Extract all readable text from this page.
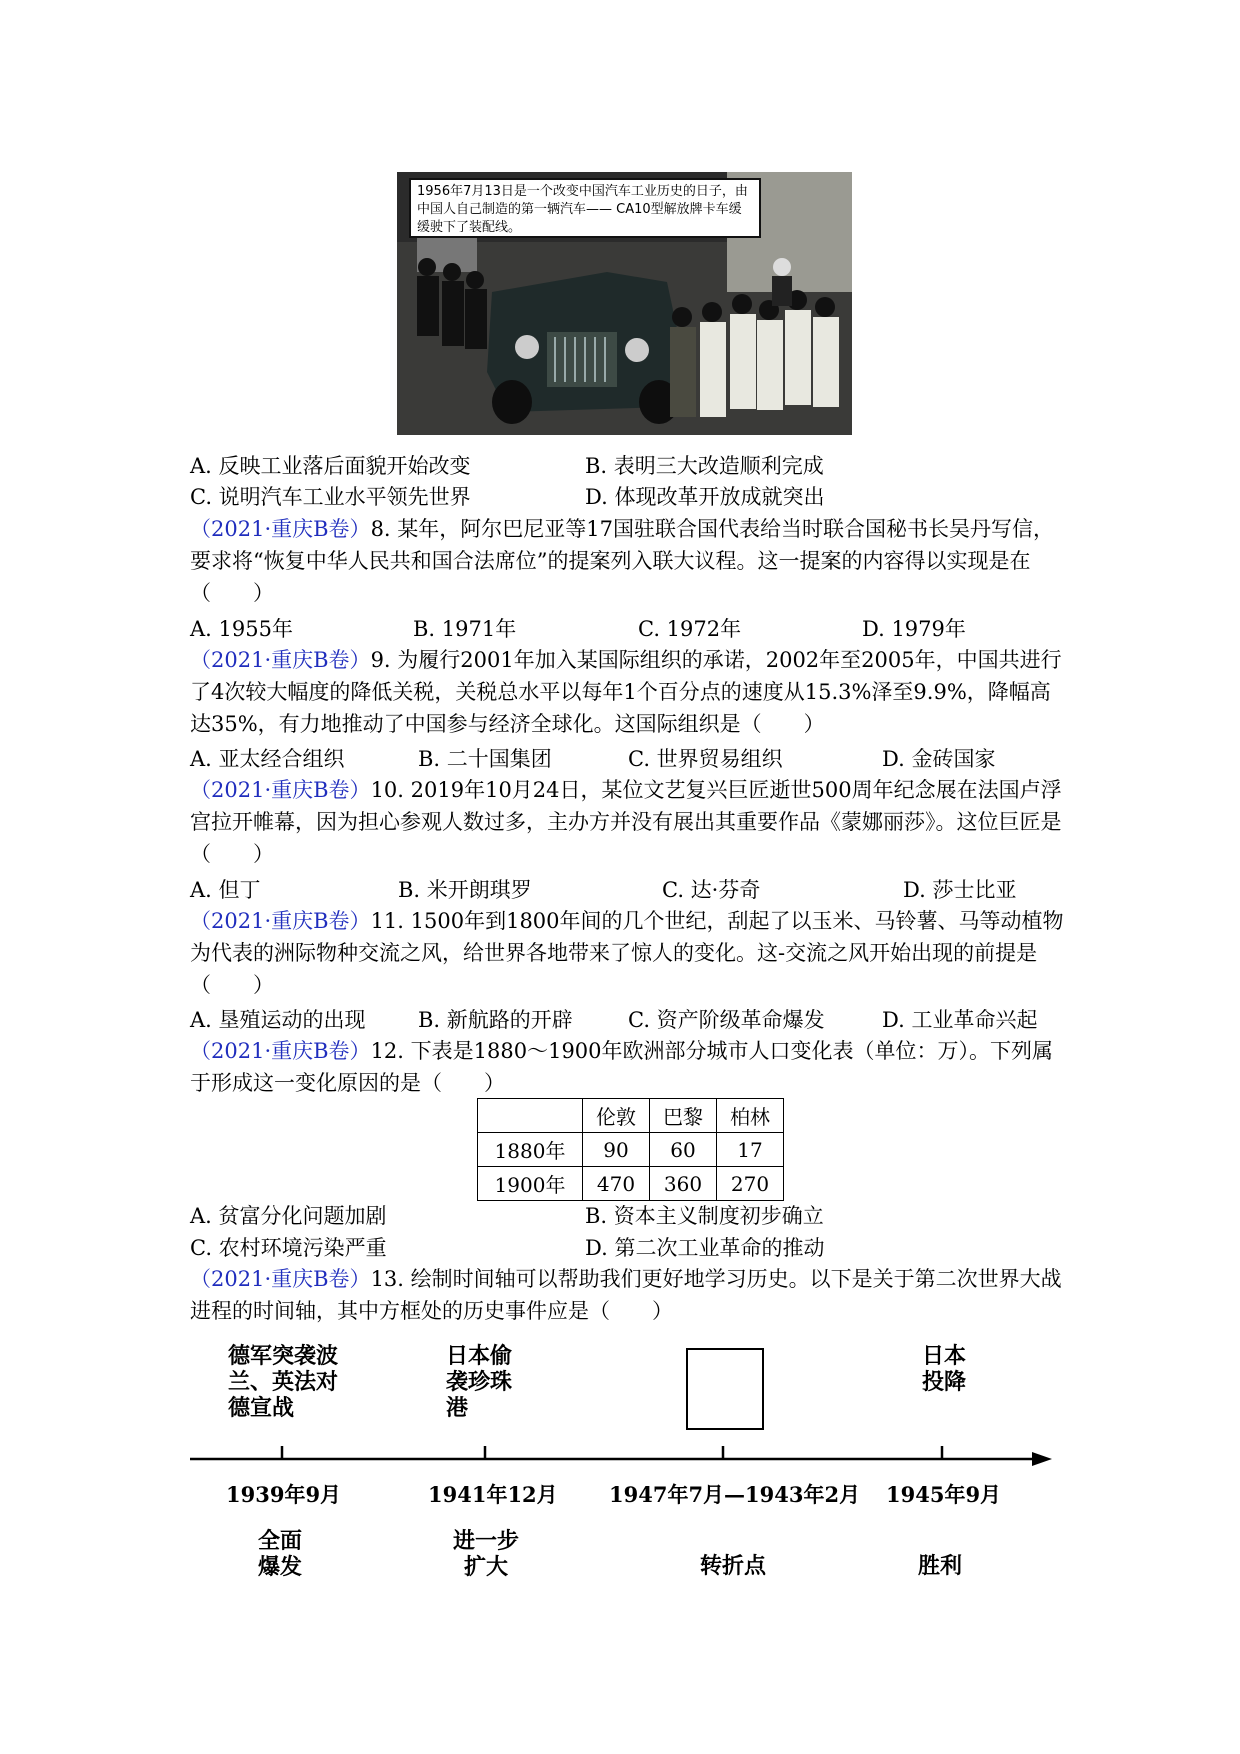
1956年7月13日是一个改变中国汽车工业历史的日子，由中国人自己制造的第一辆汽车—— CA10型解放牌卡车缓缓驶下了装配线。
A. 反映工业落后面貌开始改变	B. 表明三大改造顺利完成
C. 说明汽车工业水平领先世界	D. 体现改革开放成就突出
（2021·重庆B卷）8. 某年，阿尔巴尼亚等17国驻联合国代表给当时联合国秘书长吴丹写信，要求将“恢复中华人民共和国合法席位”的提案列入联大议程。这一提案的内容得以实现是在（　　）
A. 1955年	B. 1971年	C. 1972年	D. 1979年
（2021·重庆B卷）9. 为履行2001年加入某国际组织的承诺，2002年至2005年，中国共进行了4次较大幅度的降低关税，关税总水平以每年1个百分点的速度从15.3%泽至9.9%，降幅高达35%，有力地推动了中国参与经济全球化。这国际组织是（　　）
A. 亚太经合组织	B. 二十国集团	C. 世界贸易组织	D. 金砖国家
（2021·重庆B卷）10. 2019年10月24日，某位文艺复兴巨匠逝世500周年纪念展在法国卢浮宫拉开帷幕，因为担心参观人数过多，主办方并没有展出其重要作品《蒙娜丽莎》。这位巨匠是（　　）
A. 但丁	B. 米开朗琪罗	C. 达·芬奇	D. 莎士比亚
（2021·重庆B卷）11. 1500年到1800年间的几个世纪，刮起了以玉米、马铃薯、马等动植物为代表的洲际物种交流之风，给世界各地带来了惊人的变化。这-交流之风开始出现的前提是（　　）
A. 垦殖运动的出现 B. 新航路的开辟	C. 资产阶级革命爆发	D. 工业革命兴起
（2021·重庆B卷）12. 下表是1880～1900年欧洲部分城市人口变化表（单位：万）。下列属于形成这一变化原因的是（　　）
	伦敦	巴黎	柏林
1880年	90	60	17
1900年	470	360	270
A. 贫富分化问题加剧	B. 资本主义制度初步确立
C. 农村环境污染严重	D. 第二次工业革命的推动
（2021·重庆B卷）13. 绘制时间轴可以帮助我们更好地学习历史。以下是关于第二次世界大战进程的时间轴，其中方框处的历史事件应是（　　）
德军突袭波
兰、英法对
德宣战
日本偷
袭珍珠
港
日本
投降
1939年9月	1941年12月 1947年7月—1943年2月 1945年9月
全面
爆发
进一步
扩大	转折点	胜利
